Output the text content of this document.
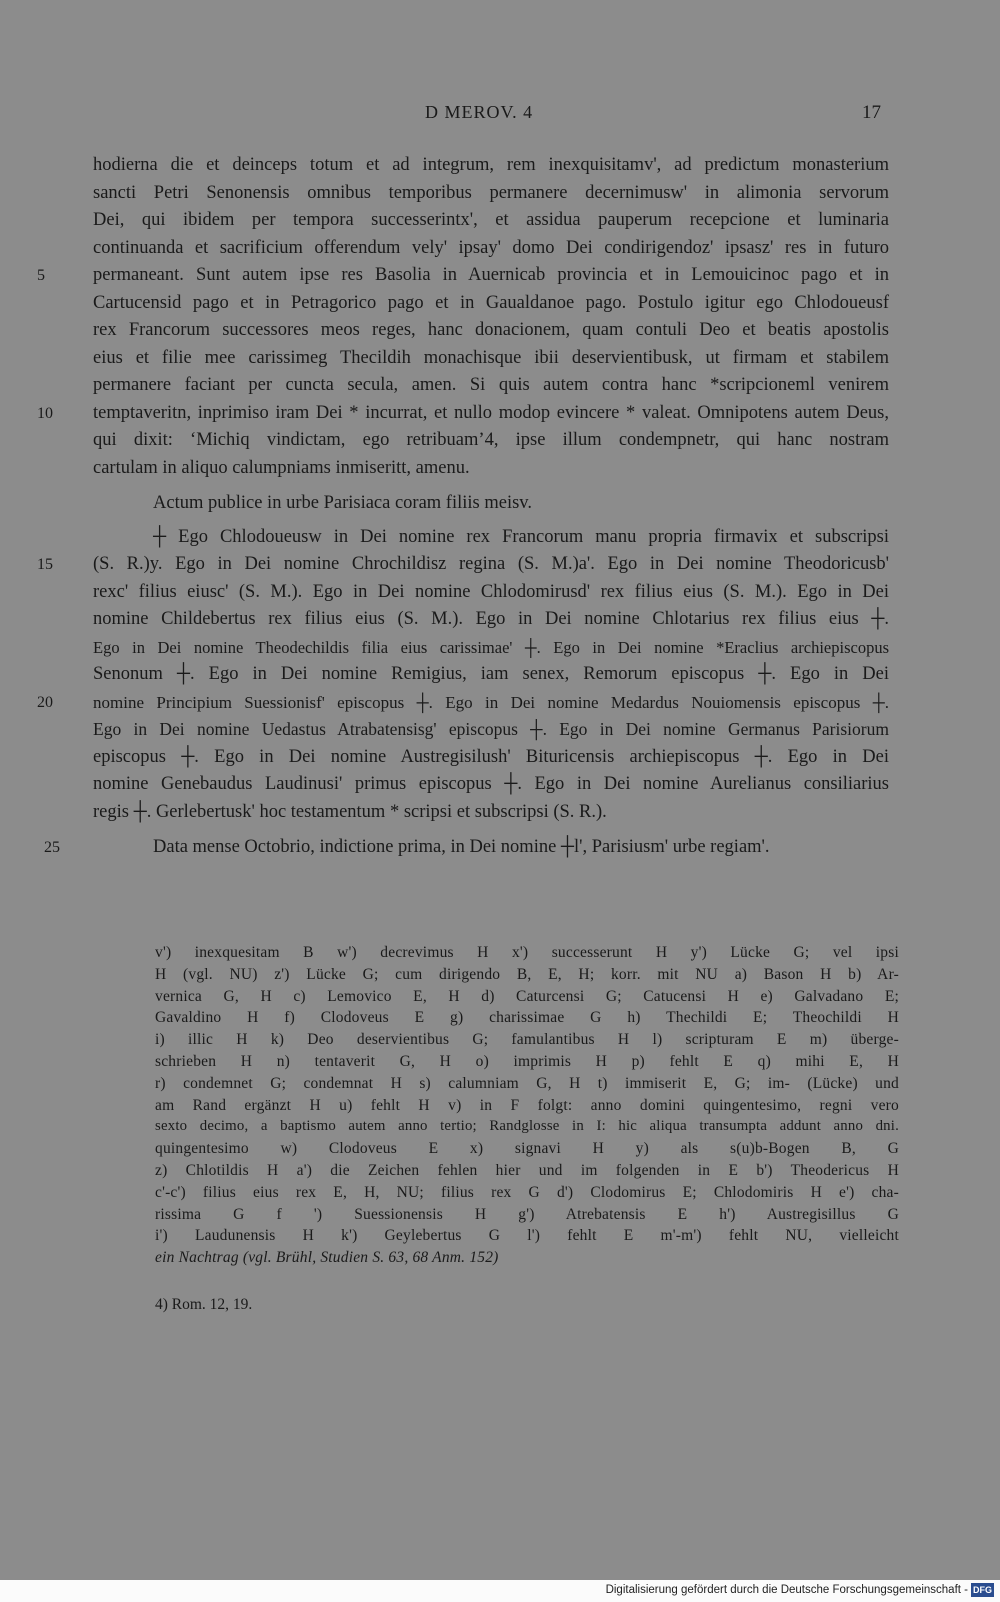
D MEROV. 4	17
hodierna die et deinceps totum et ad integrum, rem inexquisitamv', ad predictum monasterium
sancti Petri Senonensis omnibus temporibus permanere decernimusw' in alimonia servorum
Dei, qui ibidem per tempora successerintx', et assidua pauperum recepcione et luminaria
continuanda et sacrificium offerendum vely' ipsay' domo Dei condirigendoz' ipsasz' res in futuro
5	permaneant. Sunt autem ipse res Basolia in Auernicab provincia et in Lemouicinoc pago et in
Cartucensid pago et in Petragorico pago et in Gaualdanoe pago. Postulo igitur ego Chlodoueusf
rex Francorum successores meos reges, hanc donacionem, quam contuli Deo et beatis apostolis
eius et filie mee carissimeg Thecildih monachisque ibii deservientibusk, ut firmam et stabilem
permanere faciant per cuncta secula, amen. Si quis autem contra hanc *scripcioneml venirem
10	temptaveritn, inprimiso iram Dei * incurrat, et nullo modop evincere * valeat. Omnipotens autem Deus,
qui dixit: ‘Michiq vindictam, ego retribuam’4, ipse illum condempnetr, qui hanc nostram
cartulam in aliquo calumpniams inmiseritt, amenu.
Actum publice in urbe Parisiaca coram filiis meisv.
┼ Ego Chlodoueusw in Dei nomine rex Francorum manu propria firmavix et subscripsi
15	(S. R.)y. Ego in Dei nomine Chrochildisz regina (S. M.)a'. Ego in Dei nomine Theodoricusb'
rexc' filius eiusc' (S. M.). Ego in Dei nomine Chlodomirusd' rex filius eius (S. M.). Ego in Dei
nomine Childebertus rex filius eius (S. M.). Ego in Dei nomine Chlotarius rex filius eius ┼.
Ego in Dei nomine Theodechildis filia eius carissimae' ┼. Ego in Dei nomine *Eraclius archiepiscopus
Senonum ┼. Ego in Dei nomine Remigius, iam senex, Remorum episcopus ┼. Ego in Dei
20	nomine Principium Suessionisf' episcopus ┼. Ego in Dei nomine Medardus Nouiomensis episcopus ┼.
Ego in Dei nomine Uedastus Atrabatensisg' episcopus ┼. Ego in Dei nomine Germanus Parisiorum
episcopus ┼. Ego in Dei nomine Austregisilush' Bituricensis archiepiscopus ┼. Ego in Dei
nomine Genebaudus Laudinusi' primus episcopus ┼. Ego in Dei nomine Aurelianus consiliarius
regis ┼. Gerlebertusk' hoc testamentum * scripsi et subscripsi (S. R.).
25	Data mense Octobrio, indictione prima, in Dei nomine ┼l', Parisiusm' urbe regiam'.
v') inexquesitam B w') decrevimus H x') successerunt H y') Lücke G; vel ipsi
H (vgl. NU) z') Lücke G; cum dirigendo B, E, H; korr. mit NU a) Bason H b) Ar-
vernica G, H c) Lemovico E, H d) Caturcensi G; Catucensi H e) Galvadano E;
Gavaldino H f) Clodoveus E g) charissimae G h) Thechildi E; Theochildi H
i) illic H k) Deo deservientibus G; famulantibus H l) scripturam E m) überge-
schrieben H n) tentaverit G, H o) imprimis H p) fehlt E q) mihi E, H
r) condemnet G; condemnat H s) calumniam G, H t) immiserit E, G; im- (Lücke) und
am Rand ergänzt H u) fehlt H v) in F folgt: anno domini quingentesimo, regni vero
sexto decimo, a baptismo autem anno tertio; Randglosse in I: hic aliqua transumpta addunt anno dni.
quingentesimo w) Clodoveus E x) signavi H y) als s(u)b-Bogen B, G
z) Chlotildis H a') die Zeichen fehlen hier und im folgenden in E b') Theodericus H
c'-c') filius eius rex E, H, NU; filius rex G d') Clodomirus E; Chlodomiris H e') cha-
rissima G f ') Suessionensis H g') Atrebatensis E h') Austregisillus G
i') Laudunensis H k') Geylebertus G l') fehlt E m'-m') fehlt NU, vielleicht
ein Nachtrag (vgl. Brühl, Studien S. 63, 68 Anm. 152)
4) Rom. 12, 19.
Digitalisierung gefördert durch die Deutsche Forschungsgemeinschaft - DFG
